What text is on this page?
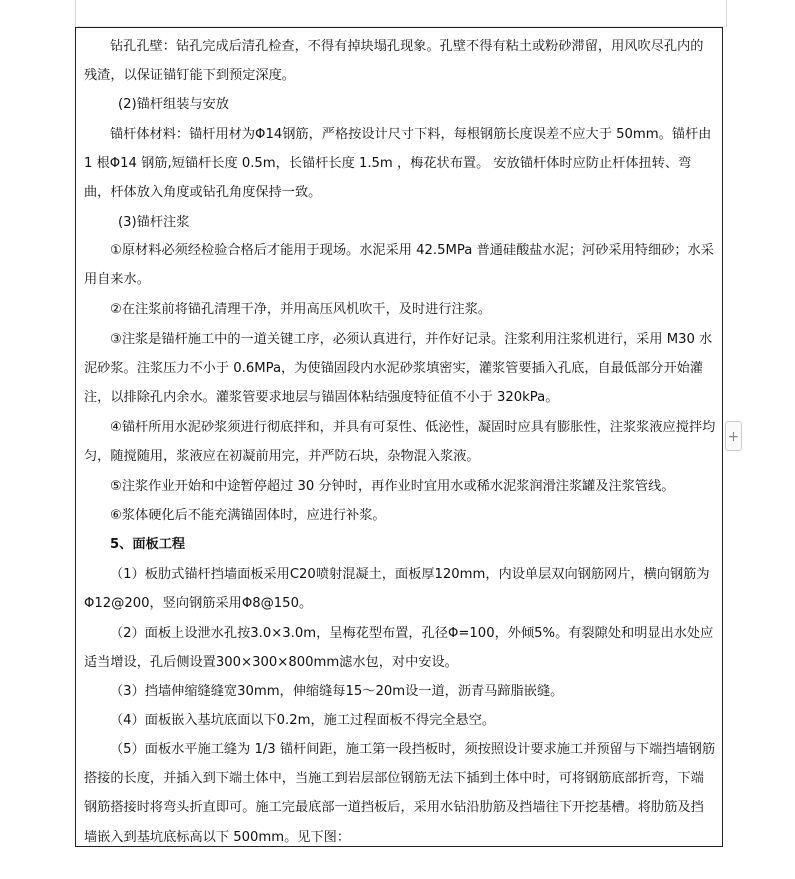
钻孔孔壁：钻孔完成后清孔检查，不得有掉块塌孔现象。孔壁不得有粘土或粉砂滞留，用风吹尽孔内的残渣，以保证锚钉能下到预定深度。

(2)锚杆组装与安放

锚杆体材料：锚杆用材为Φ14钢筋，严格按设计尺寸下料，每根钢筋长度误差不应大于 50mm。锚杆由 1 根Φ14 钢筋,短锚杆长度 0.5m，长锚杆长度 1.5m ，梅花状布置。 安放锚杆体时应防止杆体扭转、弯曲，杆体放入角度或钻孔角度保持一致。

(3)锚杆注浆

①原材料必须经检验合格后才能用于现场。水泥采用 42.5MPa 普通硅酸盐水泥；河砂采用特细砂；水采用自来水。

②在注浆前将锚孔清理干净，并用高压风机吹干，及时进行注浆。

③注浆是锚杆施工中的一道关键工序，必须认真进行，并作好记录。注浆利用注浆机进行，采用 M30 水泥砂浆。注浆压力不小于 0.6MPa，为使锚固段内水泥砂浆填密实，灌浆管要插入孔底，自最低部分开始灌注，以排除孔内余水。灌浆管要求地层与锚固体粘结强度特征值不小于 320kPa。

④锚杆所用水泥砂浆须进行彻底拌和，并具有可泵性、低泌性，凝固时应具有膨胀性，注浆浆液应搅拌均匀，随搅随用，浆液应在初凝前用完，并严防石块，杂物混入浆液。

⑤注浆作业开始和中途暂停超过 30 分钟时，再作业时宜用水或稀水泥浆润滑注浆罐及注浆管线。

⑥浆体硬化后不能充满锚固体时，应进行补浆。

5、面板工程

（1）板肋式锚杆挡墙面板采用C20喷射混凝土，面板厚120mm，内设单层双向钢筋网片，横向钢筋为Φ12@200，竖向钢筋采用Φ8@150。

（2）面板上设泄水孔按3.0×3.0m，呈梅花型布置，孔径Φ=100，外倾5%。有裂隙处和明显出水处应适当增设，孔后侧设置300×300×800mm滤水包，对中安设。

（3）挡墙伸缩缝缝宽30mm，伸缩缝每15～20m设一道，沥青马蹄脂嵌缝。

（4）面板嵌入基坑底面以下0.2m，施工过程面板不得完全悬空。

（5）面板水平施工缝为 1/3 锚杆间距，施工第一段挡板时，须按照设计要求施工并预留与下端挡墙钢筋搭接的长度，并插入到下端土体中，当施工到岩层部位钢筋无法下插到土体中时，可将钢筋底部折弯，下端钢筋搭接时将弯头折直即可。施工完最底部一道挡板后，采用水钻沿肋筋及挡墙往下开挖基槽。将肋筋及挡墙嵌入到基坑底标高以下 500mm。见下图：

+
